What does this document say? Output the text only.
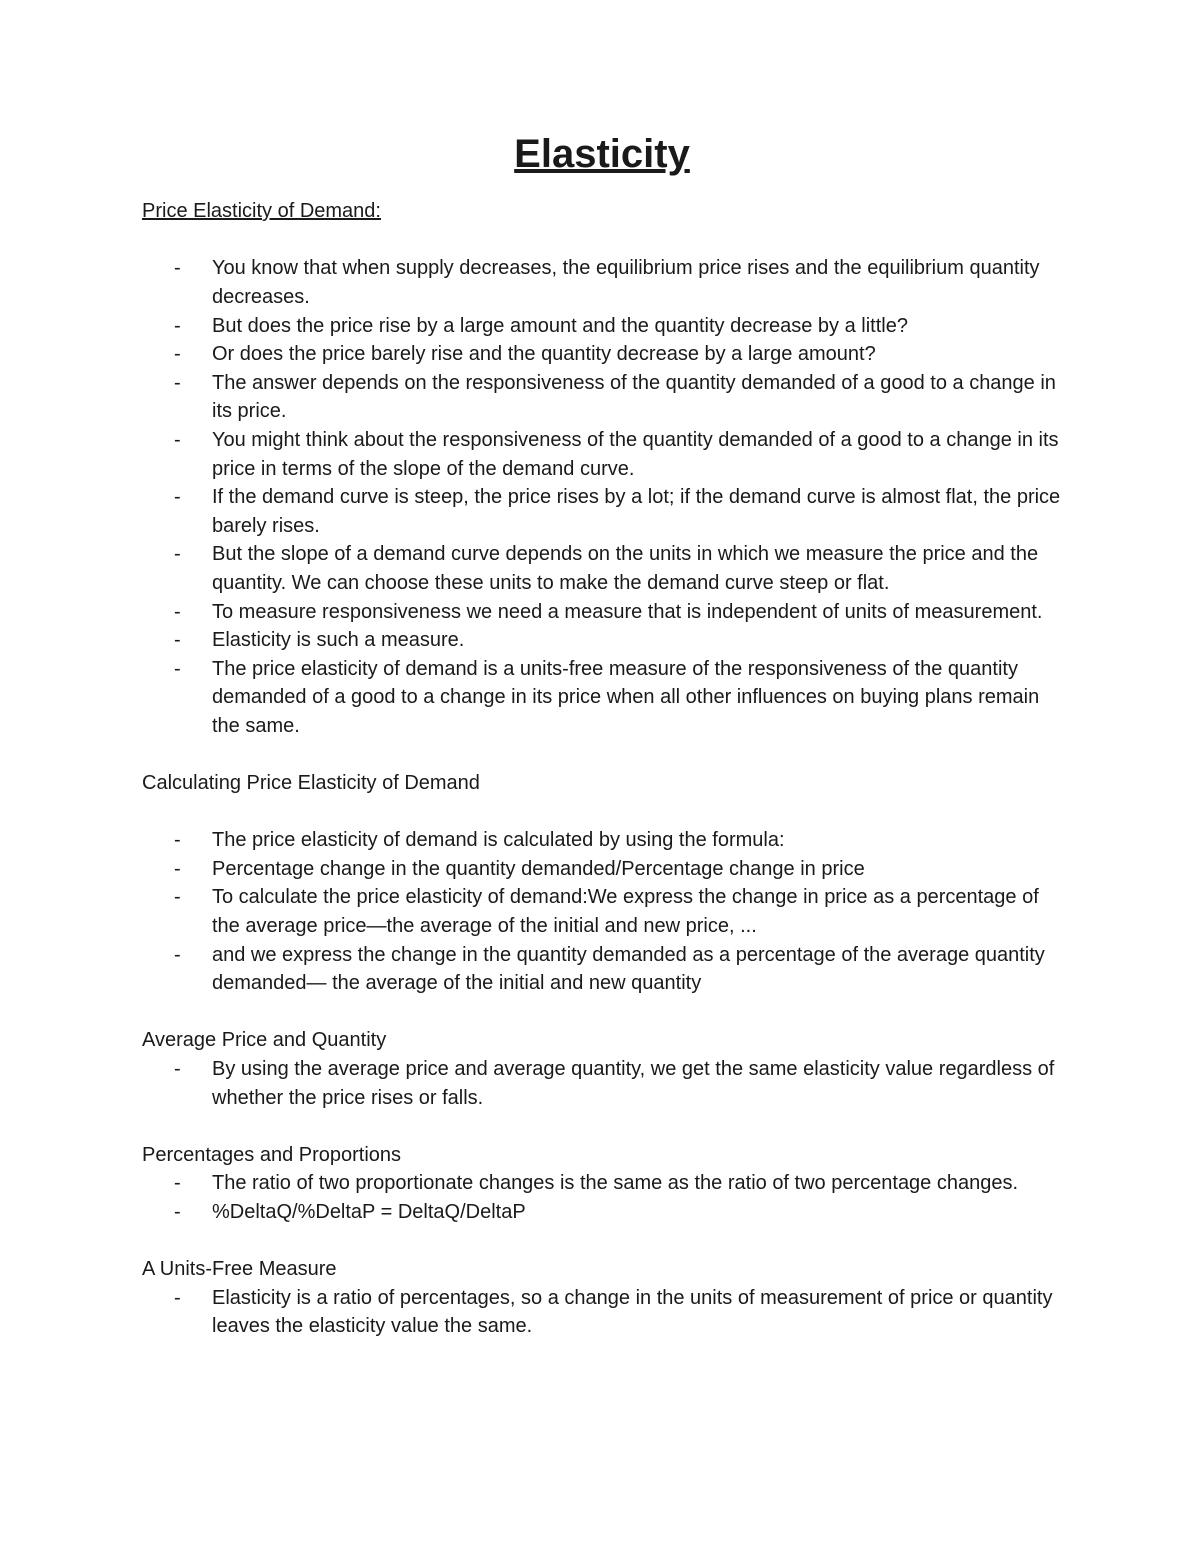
Elasticity

Price Elasticity of Demand:

- You know that when supply decreases, the equilibrium price rises and the equilibrium quantity decreases.
- But does the price rise by a large amount and the quantity decrease by a little?
- Or does the price barely rise and the quantity decrease by a large amount?
- The answer depends on the responsiveness of the quantity demanded of a good to a change in its price.
- You might think about the responsiveness of the quantity demanded of a good to a change in its price in terms of the slope of the demand curve.
- If the demand curve is steep, the price rises by a lot; if the demand curve is almost flat, the price barely rises.
- But the slope of a demand curve depends on the units in which we measure the price and the quantity. We can choose these units to make the demand curve steep or flat.
- To measure responsiveness we need a measure that is independent of units of measurement.
- Elasticity is such a measure.
- The price elasticity of demand is a units-free measure of the responsiveness of the quantity demanded of a good to a change in its price when all other influences on buying plans remain the same.

Calculating Price Elasticity of Demand

- The price elasticity of demand is calculated by using the formula:
- Percentage change in the quantity demanded/Percentage change in price
- To calculate the price elasticity of demand:We express the change in price as a percentage of the average price—the average of the initial and new price, ...
- and we express the change in the quantity demanded as a percentage of the average quantity demanded— the average of the initial and new quantity

Average Price and Quantity

- By using the average price and average quantity, we get the same elasticity value regardless of whether the price rises or falls.

Percentages and Proportions

- The ratio of two proportionate changes is the same as the ratio of two percentage changes.
- %DeltaQ/%DeltaP = DeltaQ/DeltaP

A Units-Free Measure

- Elasticity is a ratio of percentages, so a change in the units of measurement of price or quantity leaves the elasticity value the same.
